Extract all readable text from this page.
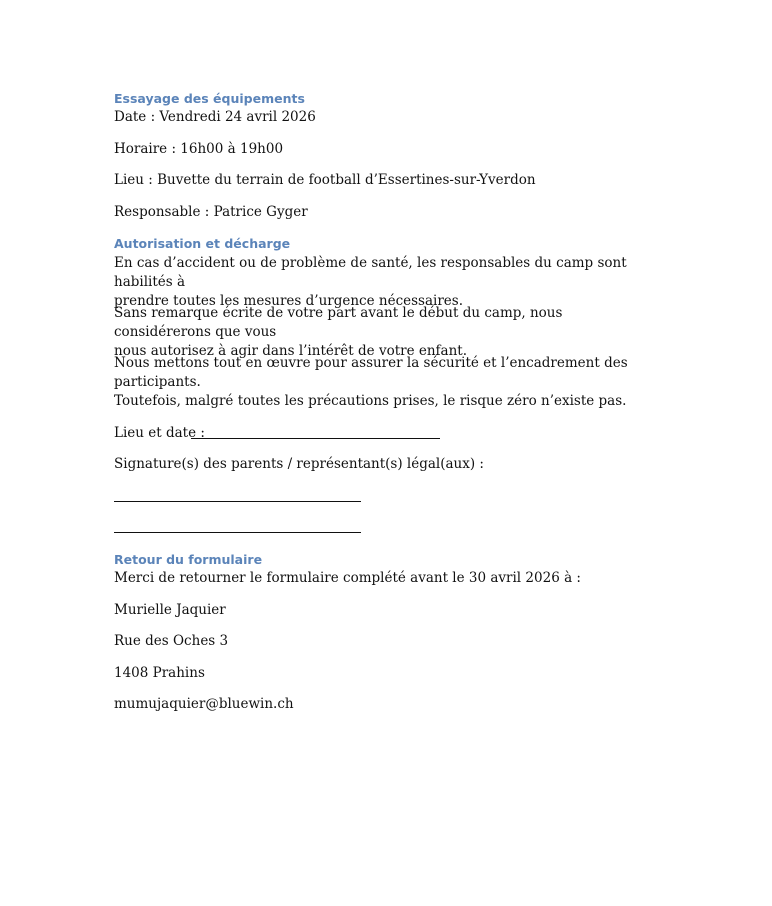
Essayage des équipements
Date : Vendredi 24 avril 2026
Horaire : 16h00 à 19h00
Lieu : Buvette du terrain de football d’Essertines-sur-Yverdon
Responsable : Patrice Gyger
Autorisation et décharge
En cas d’accident ou de problème de santé, les responsables du camp sont habilités à
prendre toutes les mesures d’urgence nécessaires.
Sans remarque écrite de votre part avant le début du camp, nous considérerons que vous
nous autorisez à agir dans l’intérêt de votre enfant.
Nous mettons tout en œuvre pour assurer la sécurité et l’encadrement des participants.
Toutefois, malgré toutes les précautions prises, le risque zéro n’existe pas.
Lieu et date :
Signature(s) des parents / représentant(s) légal(aux) :
Retour du formulaire
Merci de retourner le formulaire complété avant le 30 avril 2026 à :
Murielle Jaquier
Rue des Oches 3
1408 Prahins
mumujaquier@bluewin.ch
